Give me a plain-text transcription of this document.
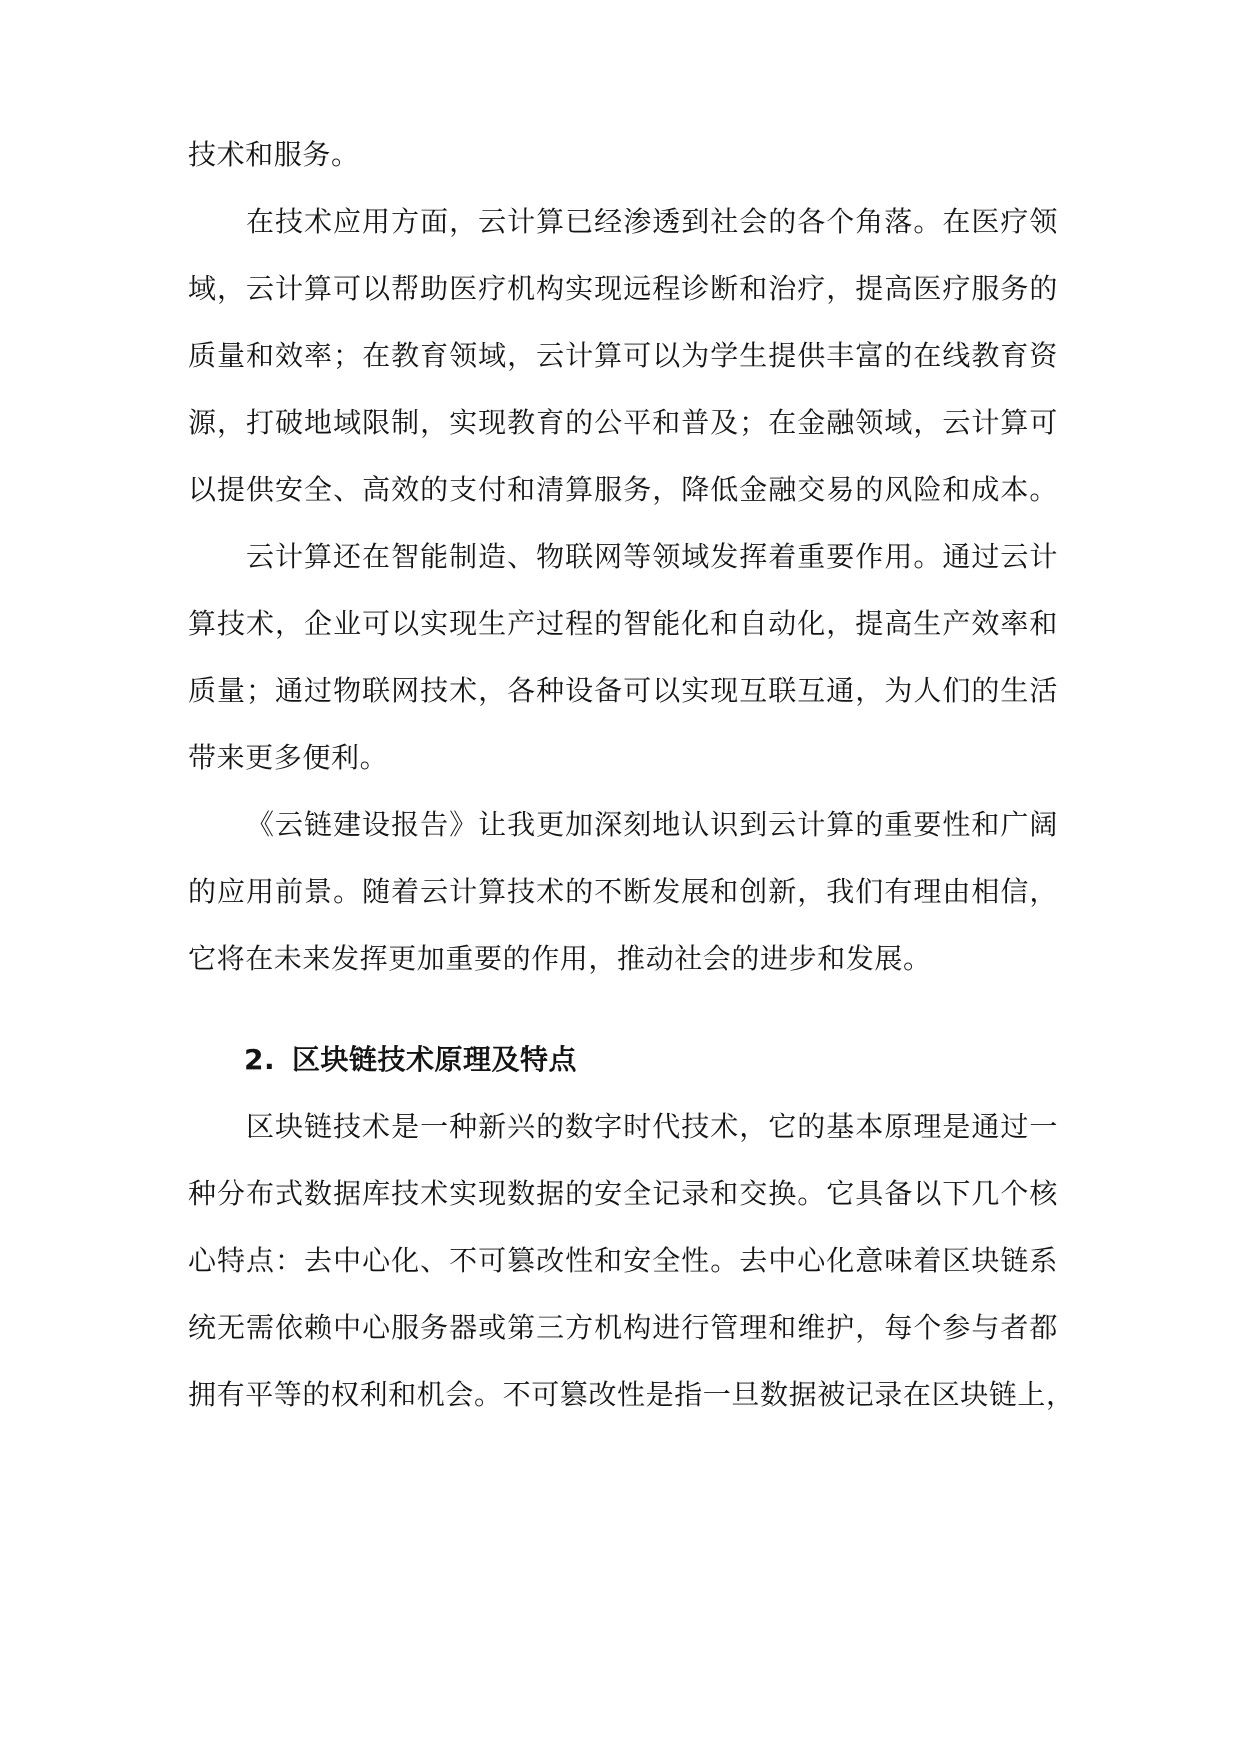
技术和服务。
在技术应用方面，云计算已经渗透到社会的各个角落。在医疗领
域，云计算可以帮助医疗机构实现远程诊断和治疗，提高医疗服务的
质量和效率；在教育领域，云计算可以为学生提供丰富的在线教育资
源，打破地域限制，实现教育的公平和普及；在金融领域，云计算可
以提供安全、高效的支付和清算服务，降低金融交易的风险和成本。
云计算还在智能制造、物联网等领域发挥着重要作用。通过云计
算技术，企业可以实现生产过程的智能化和自动化，提高生产效率和
质量；通过物联网技术，各种设备可以实现互联互通，为人们的生活
带来更多便利。
《云链建设报告》让我更加深刻地认识到云计算的重要性和广阔
的应用前景。随着云计算技术的不断发展和创新，我们有理由相信，
它将在未来发挥更加重要的作用，推动社会的进步和发展。
2. 区块链技术原理及特点
区块链技术是一种新兴的数字时代技术，它的基本原理是通过一
种分布式数据库技术实现数据的安全记录和交换。它具备以下几个核
心特点：去中心化、不可篡改性和安全性。去中心化意味着区块链系
统无需依赖中心服务器或第三方机构进行管理和维护，每个参与者都
拥有平等的权利和机会。不可篡改性是指一旦数据被记录在区块链上，
